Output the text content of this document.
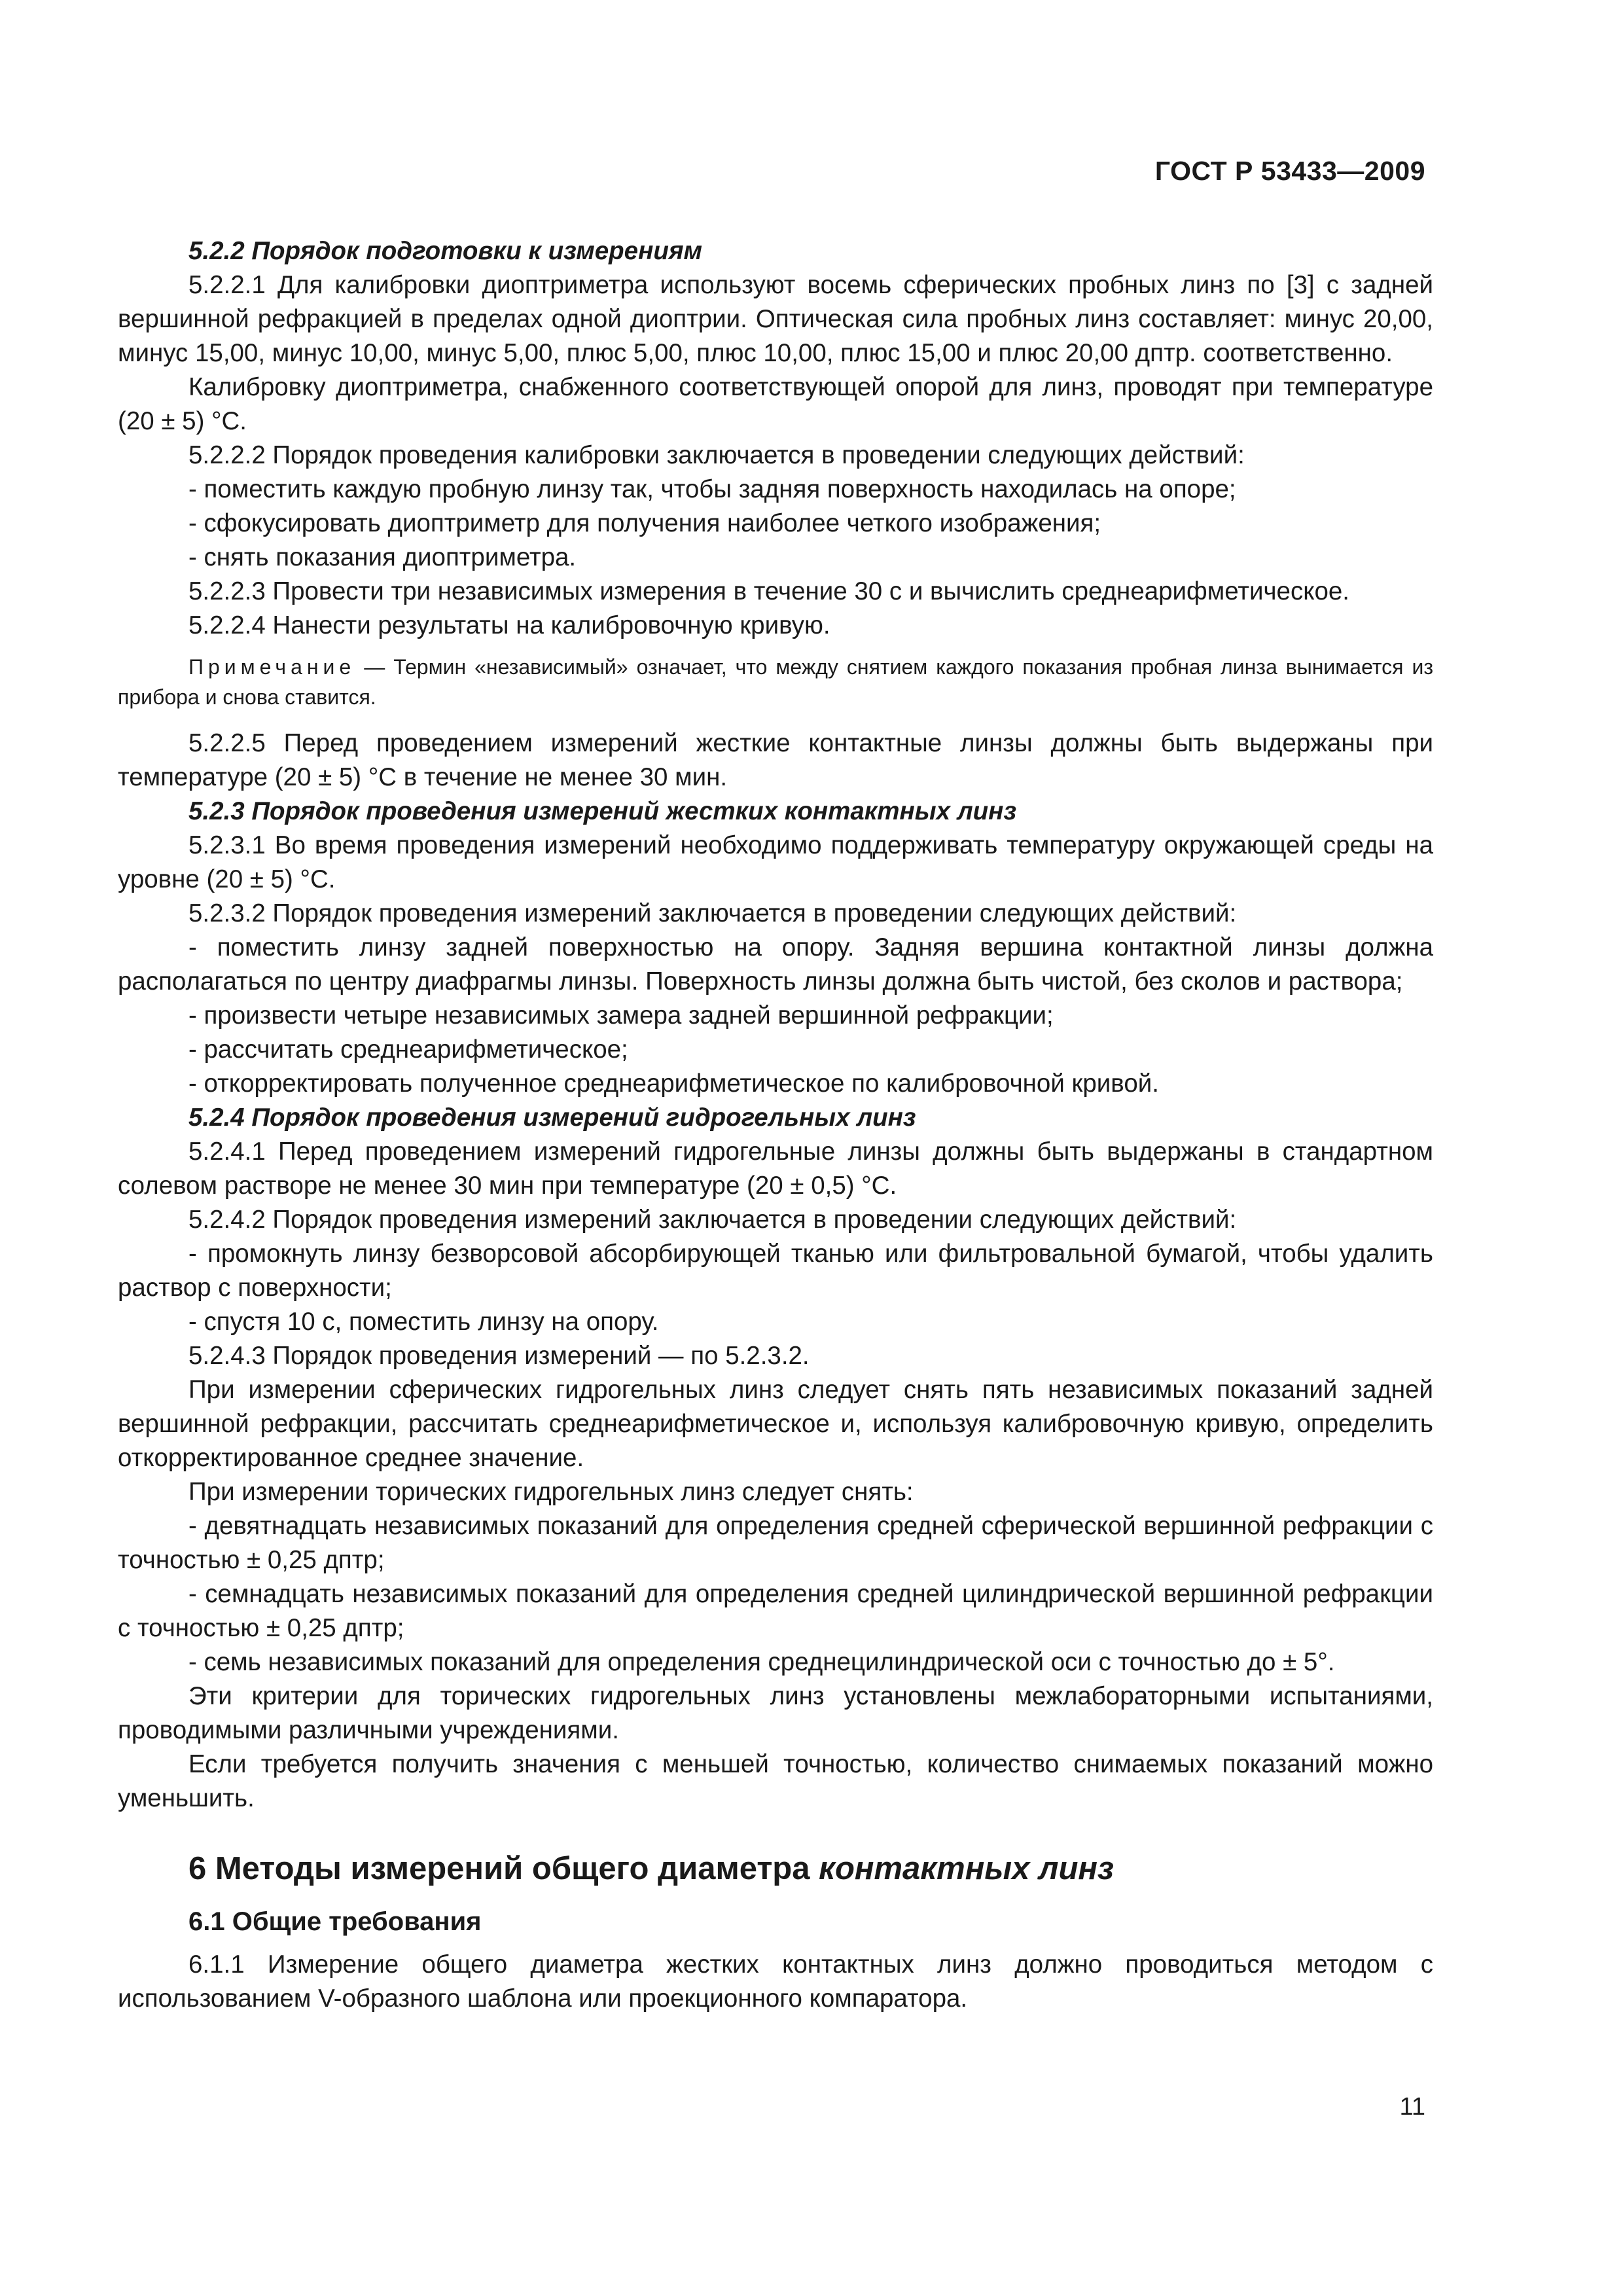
ГОСТ Р 53433—2009

5.2.2 Порядок подготовки к измерениям

5.2.2.1 Для калибровки диоптриметра используют восемь сферических пробных линз по [3] с задней вершинной рефракцией в пределах одной диоптрии. Оптическая сила пробных линз составляет: минус 20,00, минус 15,00, минус 10,00, минус 5,00, плюс 5,00, плюс 10,00, плюс 15,00 и плюс 20,00 дптр. соответственно.

Калибровку диоптриметра, снабженного соответствующей опорой для линз, проводят при температуре (20 ± 5) °С.

5.2.2.2 Порядок проведения калибровки заключается в проведении следующих действий:

- поместить каждую пробную линзу так, чтобы задняя поверхность находилась на опоре;

- сфокусировать диоптриметр для получения наиболее четкого изображения;

- снять показания диоптриметра.

5.2.2.3 Провести три независимых измерения в течение 30 с и вычислить среднеарифметическое.

5.2.2.4 Нанести результаты на калибровочную кривую.

Примечание — Термин «независимый» означает, что между снятием каждого показания пробная линза вынимается из прибора и снова ставится.

5.2.2.5 Перед проведением измерений жесткие контактные линзы должны быть выдержаны при температуре (20 ± 5) °С в течение не менее 30 мин.

5.2.3 Порядок проведения измерений жестких контактных линз

5.2.3.1 Во время проведения измерений необходимо поддерживать температуру окружающей среды на уровне (20 ± 5) °С.

5.2.3.2 Порядок проведения измерений заключается в проведении следующих действий:

- поместить линзу задней поверхностью на опору. Задняя вершина контактной линзы должна располагаться по центру диафрагмы линзы. Поверхность линзы должна быть чистой, без сколов и раствора;

- произвести четыре независимых замера задней вершинной рефракции;

- рассчитать среднеарифметическое;

- откорректировать полученное среднеарифметическое по калибровочной кривой.

5.2.4 Порядок проведения измерений гидрогельных линз

5.2.4.1 Перед проведением измерений гидрогельные линзы должны быть выдержаны в стандартном солевом растворе не менее 30 мин при температуре (20 ± 0,5) °С.

5.2.4.2 Порядок проведения измерений заключается в проведении следующих действий:

- промокнуть линзу безворсовой абсорбирующей тканью или фильтровальной бумагой, чтобы удалить раствор с поверхности;

- спустя 10 с, поместить линзу на опору.

5.2.4.3 Порядок проведения измерений — по 5.2.3.2.

При измерении сферических гидрогельных линз следует снять пять независимых показаний задней вершинной рефракции, рассчитать среднеарифметическое и, используя калибровочную кривую, определить откорректированное среднее значение.

При измерении торических гидрогельных линз следует снять:

- девятнадцать независимых показаний для определения средней сферической вершинной рефракции с точностью ± 0,25 дптр;

- семнадцать независимых показаний для определения средней цилиндрической вершинной рефракции с точностью ± 0,25 дптр;

- семь независимых показаний для определения среднецилиндрической оси с точностью до ± 5°.

Эти критерии для торических гидрогельных линз установлены межлабораторными испытаниями, проводимыми различными учреждениями.

Если требуется получить значения с меньшей точностью, количество снимаемых показаний можно уменьшить.

6 Методы измерений общего диаметра контактных линз
6.1 Общие требования

6.1.1 Измерение общего диаметра жестких контактных линз должно проводиться методом с использованием V-образного шаблона или проекционного компаратора.

11
